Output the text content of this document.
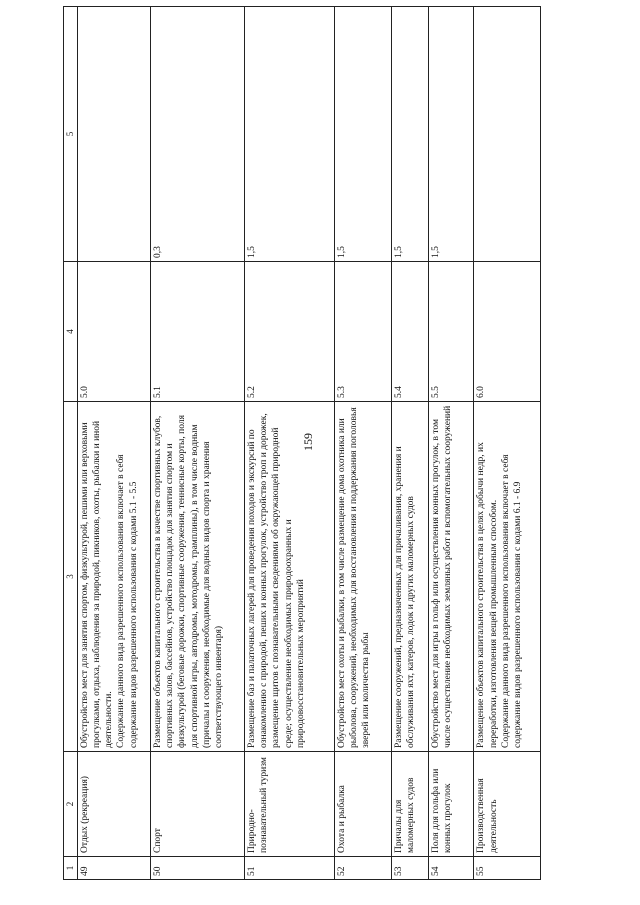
159
1	2	3	4	5
49	Отдых (рекреация)	Обустройство мест для занятия спортом, физкультурой, пешими или верховыми прогулками, отдыха, наблюдения за природой, пикников, охоты, рыбалки и иной деятельности. Содержание данного вида разрешенного использования включает в себя содержание видов разрешенного использования с кодами 5.1 - 5.5	5.0	
50	Спорт	Размещение объектов капитального строительства в качестве спортивных клубов, спортивных залов, бассейнов, устройство площадок для занятия спортом и физкультурой (беговые дорожки, спортивные сооружения, теннисные корты, поля для спортивной игры, автодромы, мотодромы, трамплины), в том числе водным (причалы и сооружения, необходимые для водных видов спорта и хранения соответствующего инвентаря)	5.1	0,3
51	Природно-познавательный туризм	Размещение баз и палаточных лагерей для проведения походов и экскурсий по ознакомлению с природой, пеших и конных прогулок, устройство троп и дорожек, размещение щитов с познавательными сведениями об окружающей природной среде; осуществление необходимых природоохранных и природовосстановительных мероприятий	5.2	1,5
52	Охота и рыбалка	Обустройство мест охоты и рыбалки, в том числе размещение дома охотника или рыболова, сооружений, необходимых для восстановления и поддержания поголовья зверей или количества рыбы	5.3	1,5
53	Причалы для маломерных судов	Размещение сооружений, предназначенных для причаливания, хранения и обслуживания яхт, катеров, лодок и других маломерных судов	5.4	1,5
54	Поля для гольфа или конных прогулок	Обустройство мест для игры в гольф или осуществления конных прогулок, в том числе осуществление необходимых земляных работ и вспомогательных сооружений	5.5	1,5
55	Производственная деятельность	Размещение объектов капитального строительства в целях добычи недр, их переработки, изготовления вещей промышленным способом. Содержание данного вида разрешенного использования включает в себя содержание видов разрешенного использования с кодами 6.1 - 6.9	6.0	
